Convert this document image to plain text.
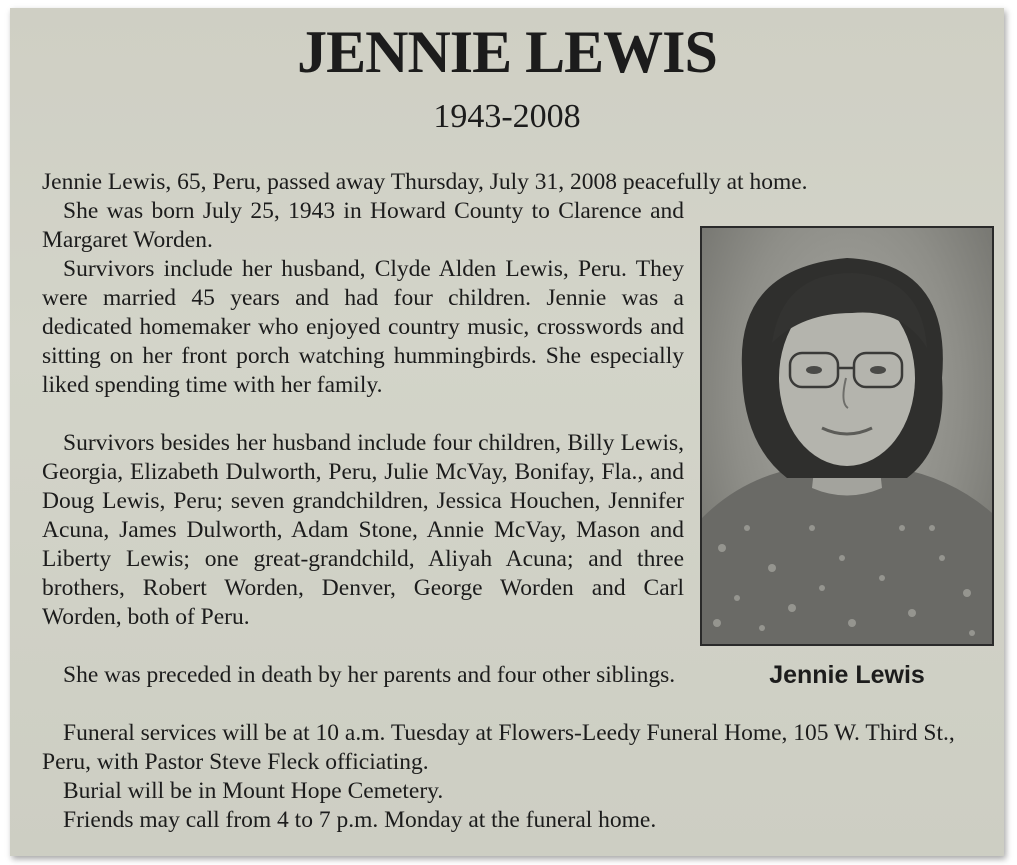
JENNIE LEWIS
1943-2008

Jennie Lewis, 65, Peru, passed away Thursday, July 31, 2008 peacefully at home.

She was born July 25, 1943 in Howard County to Clarence and Margaret Worden.

Survivors include her husband, Clyde Alden Lewis, Peru. They were married 45 years and had four children. Jennie was a dedicated homemaker who enjoyed country music, crosswords and sitting on her front porch watching hummingbirds. She especially liked spending time with her family.

Survivors besides her husband include four children, Billy Lewis, Georgia, Elizabeth Dulworth, Peru, Julie McVay, Bonifay, Fla., and Doug Lewis, Peru; seven grandchildren, Jessica Houchen, Jennifer Acuna, James Dulworth, Adam Stone, Annie McVay, Mason and Liberty Lewis; one great-grandchild, Aliyah Acuna; and three brothers, Robert Worden, Denver, George Worden and Carl Worden, both of Peru.

She was preceded in death by her parents and four other siblings.

Funeral services will be at 10 a.m. Tuesday at Flowers-Leedy Funeral Home, 105 W. Third St., Peru, with Pastor Steve Fleck officiating.

Burial will be in Mount Hope Cemetery.

Friends may call from 4 to 7 p.m. Monday at the funeral home.

Jennie Lewis
